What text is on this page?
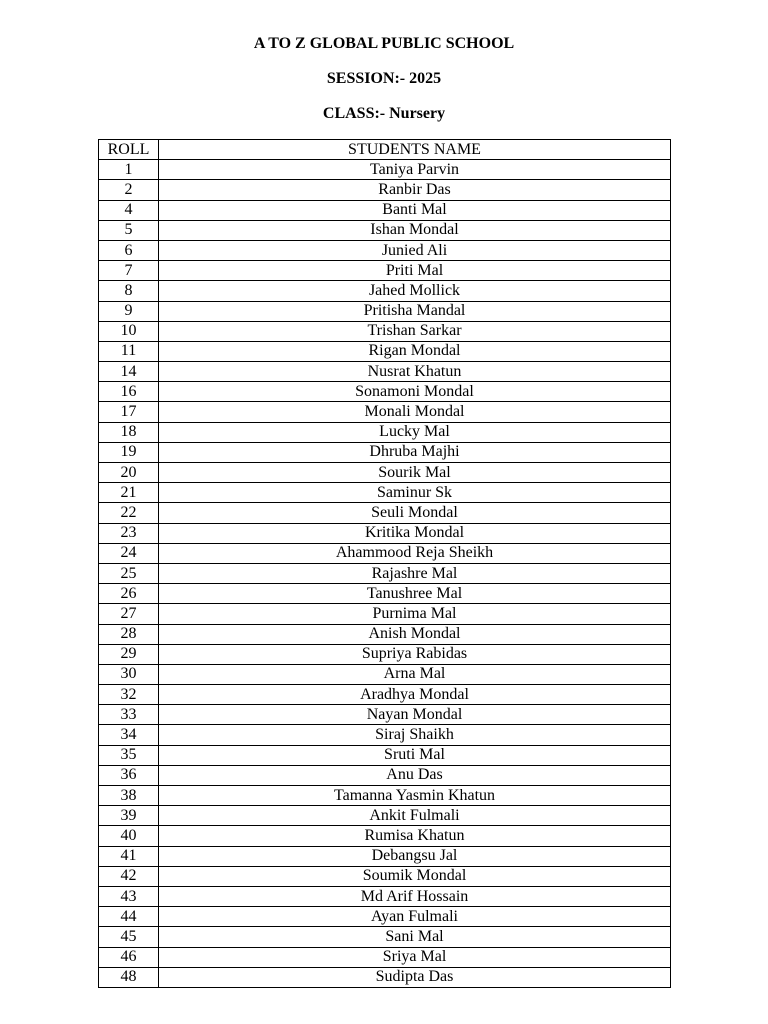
A TO Z GLOBAL PUBLIC SCHOOL
SESSION:- 2025
CLASS:- Nursery
ROLL	STUDENTS NAME
1	Taniya Parvin
2	Ranbir Das
4	Banti Mal
5	Ishan Mondal
6	Junied Ali
7	Priti Mal
8	Jahed Mollick
9	Pritisha Mandal
10	Trishan Sarkar
11	Rigan Mondal
14	Nusrat Khatun
16	Sonamoni Mondal
17	Monali Mondal
18	Lucky Mal
19	Dhruba Majhi
20	Sourik Mal
21	Saminur Sk
22	Seuli Mondal
23	Kritika Mondal
24	Ahammood Reja Sheikh
25	Rajashre Mal
26	Tanushree Mal
27	Purnima Mal
28	Anish Mondal
29	Supriya Rabidas
30	Arna Mal
32	Aradhya Mondal
33	Nayan Mondal
34	Siraj Shaikh
35	Sruti Mal
36	Anu Das
38	Tamanna Yasmin Khatun
39	Ankit Fulmali
40	Rumisa Khatun
41	Debangsu Jal
42	Soumik Mondal
43	Md Arif Hossain
44	Ayan Fulmali
45	Sani Mal
46	Sriya Mal
48	Sudipta Das
